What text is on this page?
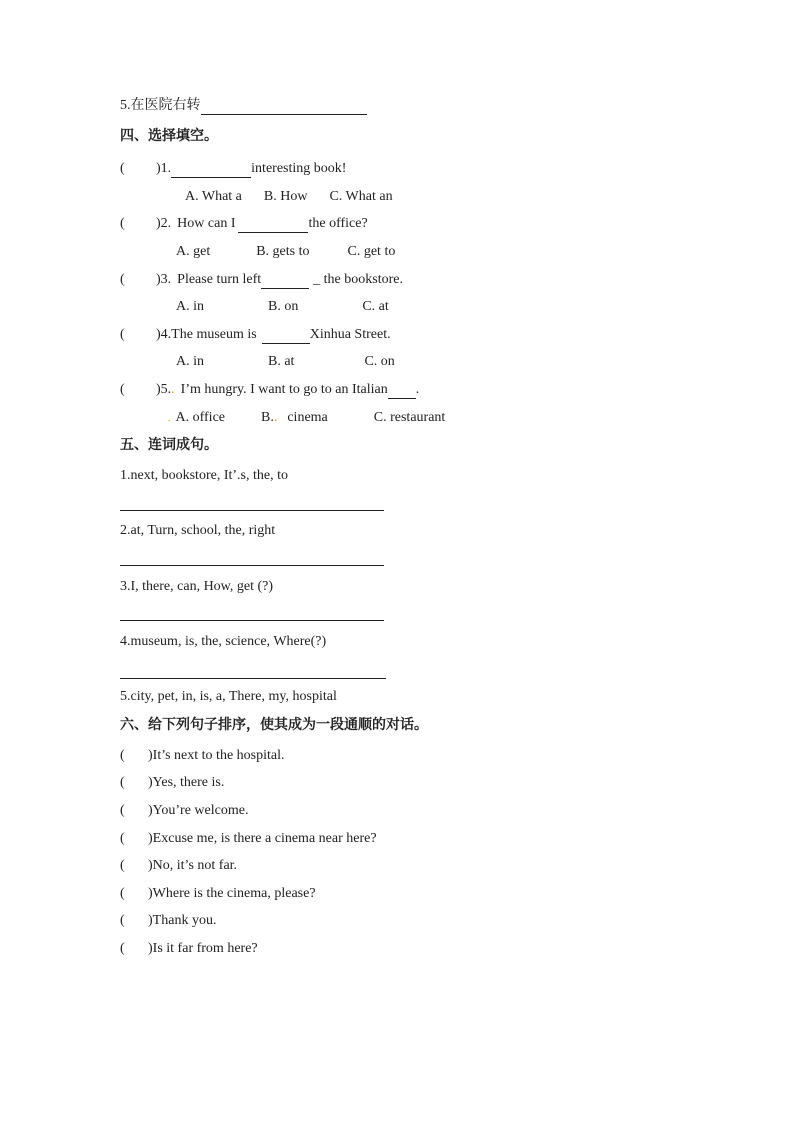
5.在医院右转
四、选择填空。
( )1.	interesting book!
A. What a B. How C. What an
( )2. How can I	the office?
A. get	B. gets to	C. get to
( )3. Please turn left	_ the bookstore.
A. in	B. on	C. at
( )4.The museum is	Xinhua Street.
A. in	B. at	C. on
( )5.. I’m hungry. I want to go to an Italian .
. A. office	B.. cinema	C. restaurant
五、连词成句。
1.next, bookstore, It’.s, the, to
2.at, Turn, school, the, right
3.I, there, can, How, get (?)
4.museum, is, the, science, Where(?)
5.city, pet, in, is, a, There, my, hospital
六、给下列句子排序，使其成为一段通顺的对话。
( )It’s next to the hospital.
( )Yes, there is.
( )You’re welcome.
( )Excuse me, is there a cinema near here?
( )No, it’s not far.
( )Where is the cinema, please?
( )Thank you.
( )Is it far from here?
